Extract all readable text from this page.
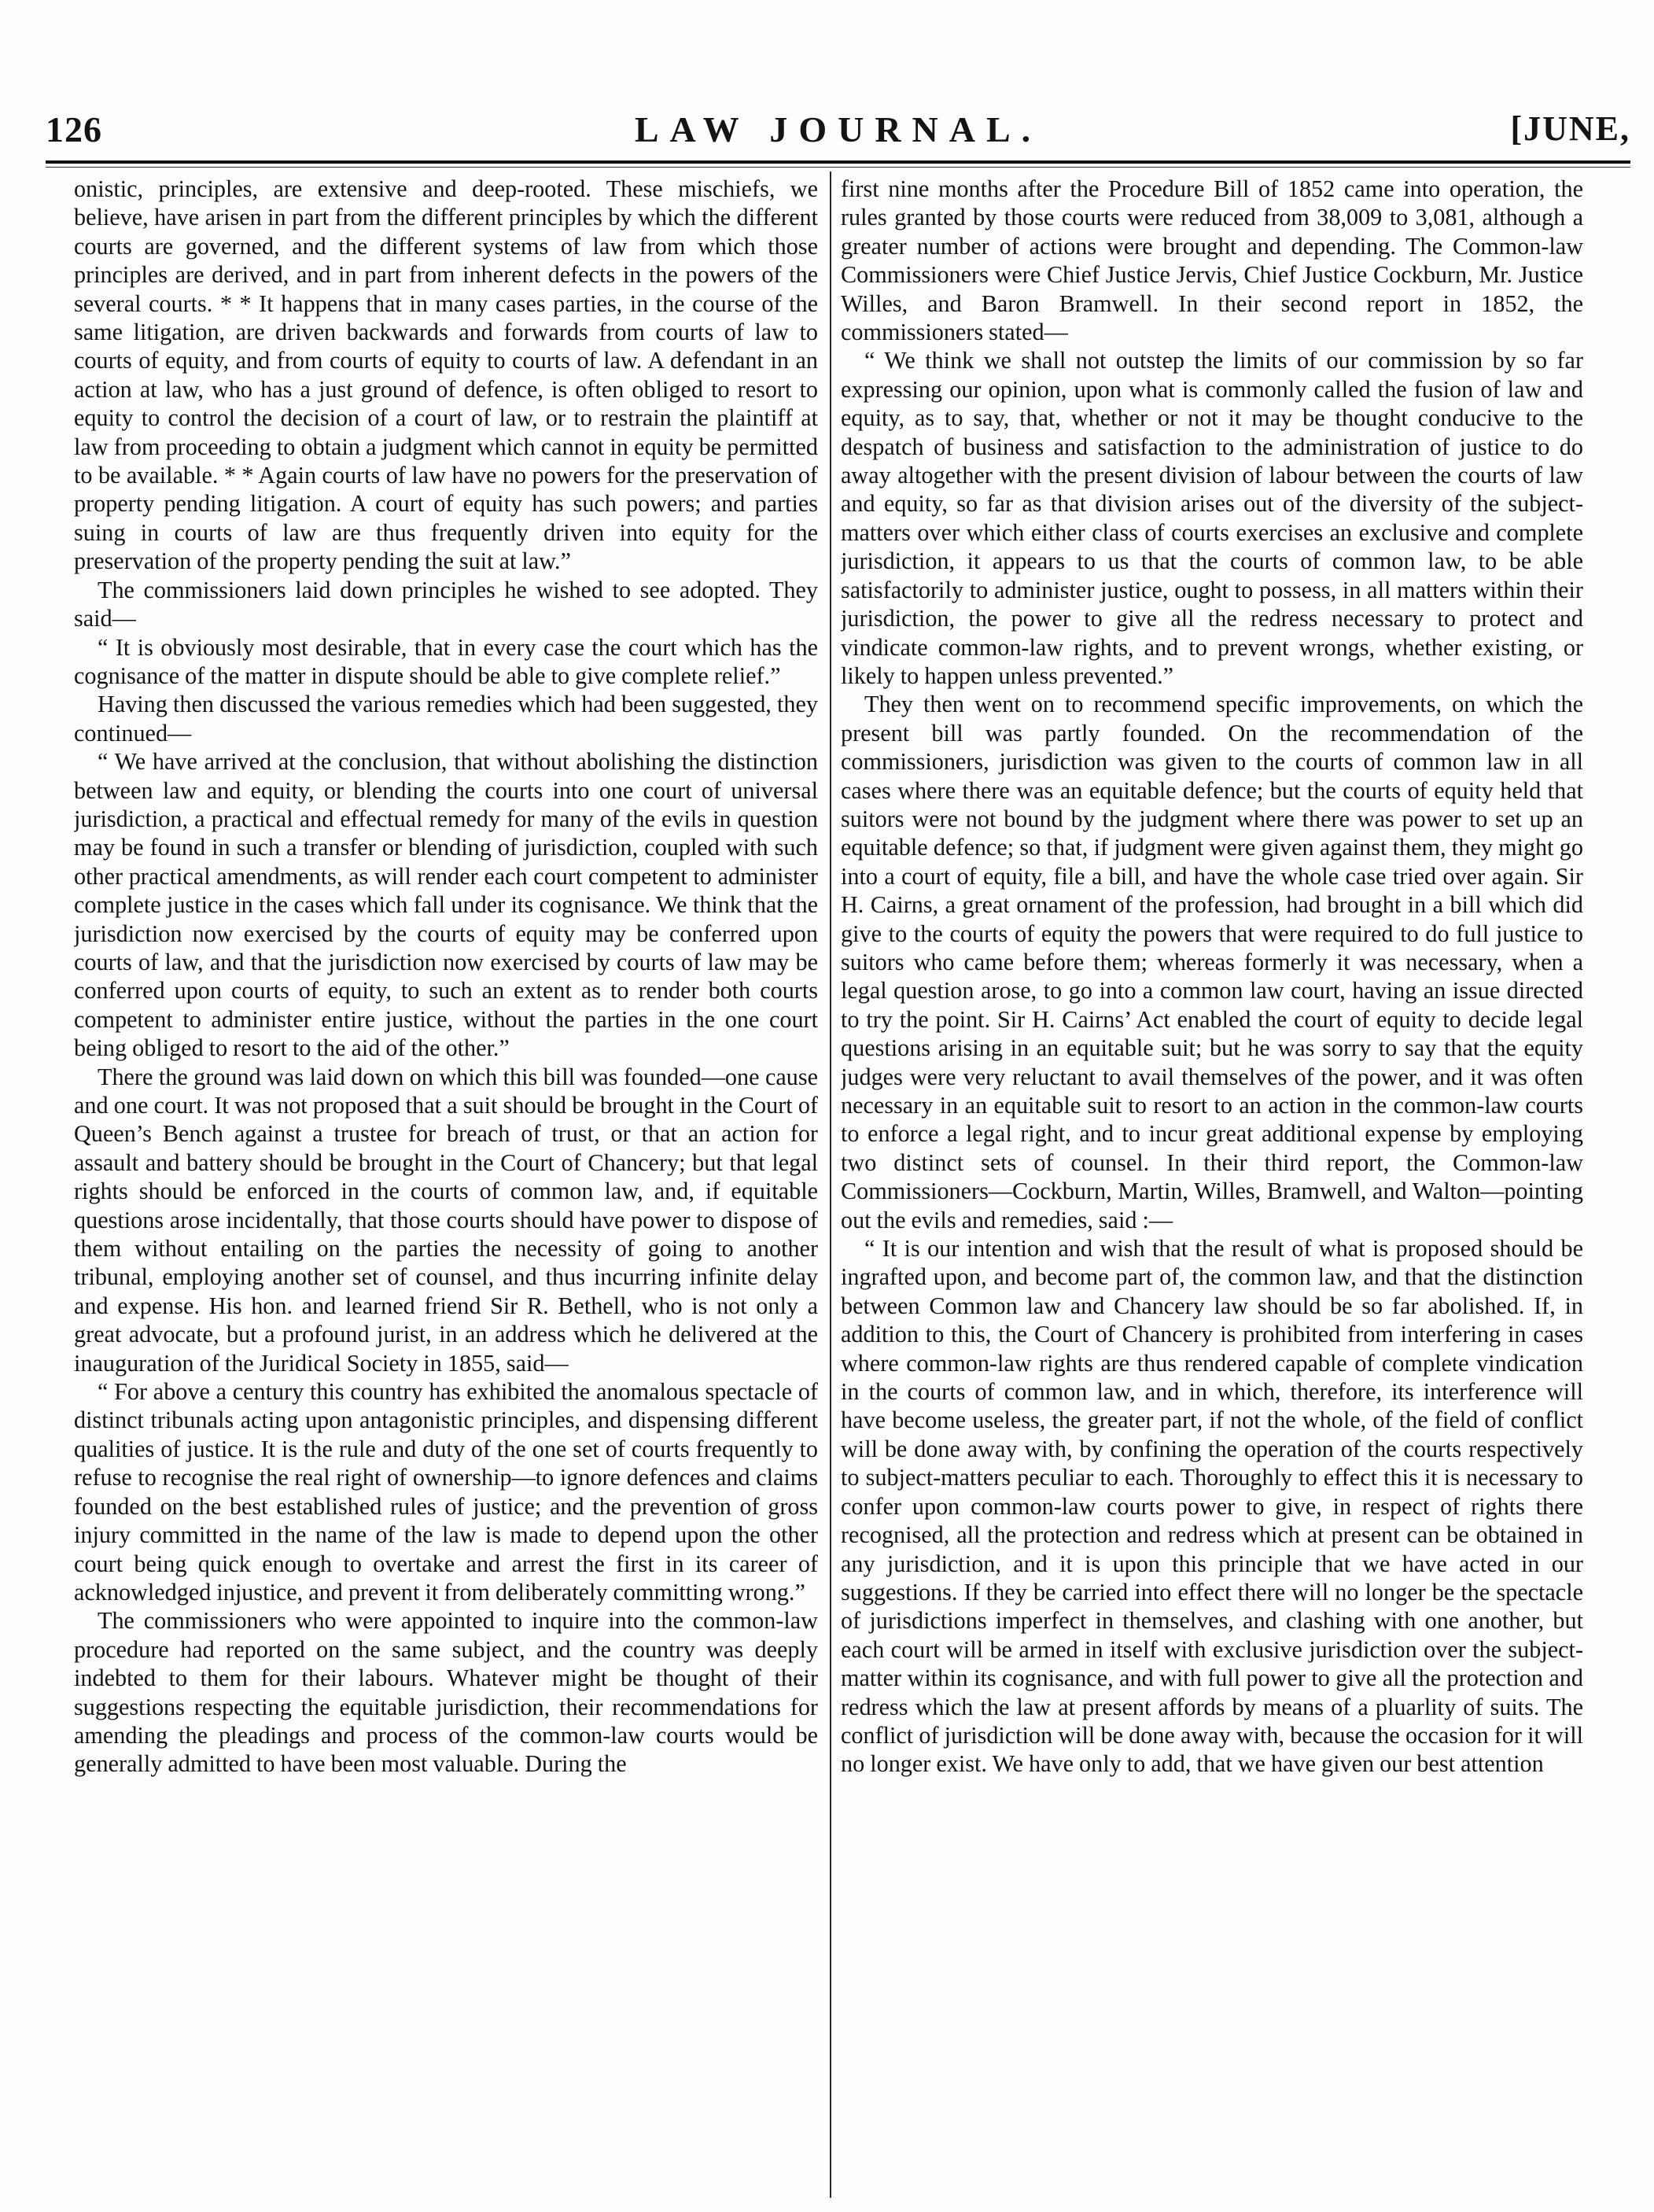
126	LAW JOURNAL.	[JUNE,

onistic, principles, are extensive and deep-rooted. These mischiefs, we believe, have arisen in part from the different principles by which the different courts are governed, and the different systems of law from which those principles are derived, and in part from inherent defects in the powers of the several courts. * * It happens that in many cases parties, in the course of the same litigation, are driven backwards and forwards from courts of law to courts of equity, and from courts of equity to courts of law. A defendant in an action at law, who has a just ground of defence, is often obliged to resort to equity to control the decision of a court of law, or to restrain the plaintiff at law from proceeding to obtain a judgment which cannot in equity be permitted to be available. * * Again courts of law have no powers for the preservation of property pending litigation. A court of equity has such powers; and parties suing in courts of law are thus frequently driven into equity for the preservation of the property pending the suit at law.”

The commissioners laid down principles he wished to see adopted. They said—

“ It is obviously most desirable, that in every case the court which has the cognisance of the matter in dispute should be able to give complete relief.”

Having then discussed the various remedies which had been suggested, they continued—

“ We have arrived at the conclusion, that without abolishing the distinction between law and equity, or blending the courts into one court of universal jurisdiction, a practical and effectual remedy for many of the evils in question may be found in such a transfer or blending of jurisdiction, coupled with such other practical amendments, as will render each court competent to administer complete justice in the cases which fall under its cognisance. We think that the jurisdiction now exercised by the courts of equity may be conferred upon courts of law, and that the jurisdiction now exercised by courts of law may be conferred upon courts of equity, to such an extent as to render both courts competent to administer entire justice, without the parties in the one court being obliged to resort to the aid of the other.”

There the ground was laid down on which this bill was founded—one cause and one court. It was not proposed that a suit should be brought in the Court of Queen’s Bench against a trustee for breach of trust, or that an action for assault and battery should be brought in the Court of Chancery; but that legal rights should be enforced in the courts of common law, and, if equitable questions arose incidentally, that those courts should have power to dispose of them without entailing on the parties the necessity of going to another tribunal, employing another set of counsel, and thus incurring infinite delay and expense. His hon. and learned friend Sir R. Bethell, who is not only a great advocate, but a profound jurist, in an address which he delivered at the inauguration of the Juridical Society in 1855, said—

“ For above a century this country has exhibited the anomalous spectacle of distinct tribunals acting upon antagonistic principles, and dispensing different qualities of justice. It is the rule and duty of the one set of courts frequently to refuse to recognise the real right of ownership—to ignore defences and claims founded on the best established rules of justice; and the prevention of gross injury committed in the name of the law is made to depend upon the other court being quick enough to overtake and arrest the first in its career of acknowledged injustice, and prevent it from deliberately committing wrong.”

The commissioners who were appointed to inquire into the common-law procedure had reported on the same subject, and the country was deeply indebted to them for their labours. Whatever might be thought of their suggestions respecting the equitable jurisdiction, their recommendations for amending the pleadings and process of the common-law courts would be generally admitted to have been most valuable. During the

first nine months after the Procedure Bill of 1852 came into operation, the rules granted by those courts were reduced from 38,009 to 3,081, although a greater number of actions were brought and depending. The Common-law Commissioners were Chief Justice Jervis, Chief Justice Cockburn, Mr. Justice Willes, and Baron Bramwell. In their second report in 1852, the commissioners stated—

“ We think we shall not outstep the limits of our commission by so far expressing our opinion, upon what is commonly called the fusion of law and equity, as to say, that, whether or not it may be thought conducive to the despatch of business and satisfaction to the administration of justice to do away altogether with the present division of labour between the courts of law and equity, so far as that division arises out of the diversity of the subject-matters over which either class of courts exercises an exclusive and complete jurisdiction, it appears to us that the courts of common law, to be able satisfactorily to administer justice, ought to possess, in all matters within their jurisdiction, the power to give all the redress necessary to protect and vindicate common-law rights, and to prevent wrongs, whether existing, or likely to happen unless prevented.”

They then went on to recommend specific improvements, on which the present bill was partly founded. On the recommendation of the commissioners, jurisdiction was given to the courts of common law in all cases where there was an equitable defence; but the courts of equity held that suitors were not bound by the judgment where there was power to set up an equitable defence; so that, if judgment were given against them, they might go into a court of equity, file a bill, and have the whole case tried over again. Sir H. Cairns, a great ornament of the profession, had brought in a bill which did give to the courts of equity the powers that were required to do full justice to suitors who came before them; whereas formerly it was necessary, when a legal question arose, to go into a common law court, having an issue directed to try the point. Sir H. Cairns’ Act enabled the court of equity to decide legal questions arising in an equitable suit; but he was sorry to say that the equity judges were very reluctant to avail themselves of the power, and it was often necessary in an equitable suit to resort to an action in the common-law courts to enforce a legal right, and to incur great additional expense by employing two distinct sets of counsel. In their third report, the Common-law Commissioners—Cockburn, Martin, Willes, Bramwell, and Walton—pointing out the evils and remedies, said :—

“ It is our intention and wish that the result of what is proposed should be ingrafted upon, and become part of, the common law, and that the distinction between Common law and Chancery law should be so far abolished. If, in addition to this, the Court of Chancery is prohibited from interfering in cases where common-law rights are thus rendered capable of complete vindication in the courts of common law, and in which, therefore, its interference will have become useless, the greater part, if not the whole, of the field of conflict will be done away with, by confining the operation of the courts respectively to subject-matters peculiar to each. Thoroughly to effect this it is necessary to confer upon common-law courts power to give, in respect of rights there recognised, all the protection and redress which at present can be obtained in any jurisdiction, and it is upon this principle that we have acted in our suggestions. If they be carried into effect there will no longer be the spectacle of jurisdictions imperfect in themselves, and clashing with one another, but each court will be armed in itself with exclusive jurisdiction over the subject-matter within its cognisance, and with full power to give all the protection and redress which the law at present affords by means of a pluarlity of suits. The conflict of jurisdiction will be done away with, because the occasion for it will no longer exist. We have only to add, that we have given our best attention
